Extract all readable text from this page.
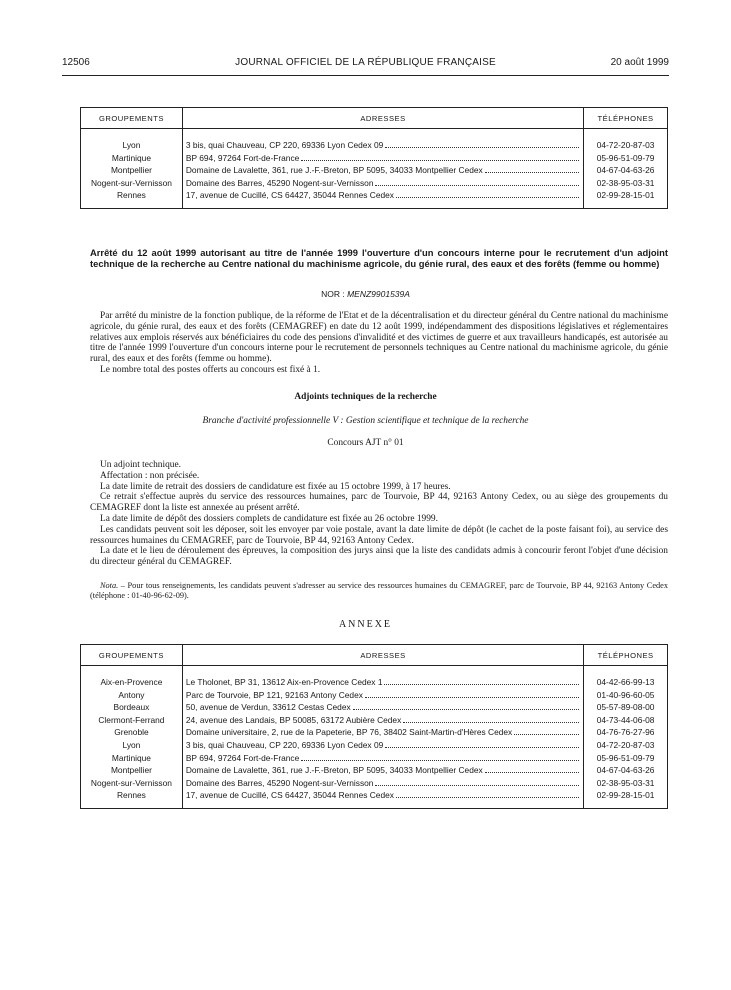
12506	JOURNAL OFFICIEL DE LA RÉPUBLIQUE FRANÇAISE	20 août 1999
GROUPEMENTS	ADRESSES	TÉLÉPHONES

Lyon	3 bis, quai Chauveau, CP 220, 69336 Lyon Cedex 09	04-72-20-87-03
Martinique	BP 694, 97264 Fort-de-France	05-96-51-09-79
Montpellier	Domaine de Lavalette, 361, rue J.-F.-Breton, BP 5095, 34033 Montpellier Cedex	04-67-04-63-26
Nogent-sur-Vernisson	Domaine des Barres, 45290 Nogent-sur-Vernisson	02-38-95-03-31
Rennes	17, avenue de Cucillé, CS 64427, 35044 Rennes Cedex	02-99-28-15-01

Arrêté du 12 août 1999 autorisant au titre de l'année 1999 l'ouverture d'un concours interne pour le recrutement d'un adjoint technique de la recherche au Centre national du machinisme agricole, du génie rural, des eaux et des forêts (femme ou homme)
NOR : MENZ9901539A

Par arrêté du ministre de la fonction publique, de la réforme de l'Etat et de la décentralisation et du directeur général du Centre national du machinisme agricole, du génie rural, des eaux et des forêts (CEMAGREF) en date du 12 août 1999, indépendamment des dispositions législatives et réglementaires relatives aux emplois réservés aux bénéficiaires du code des pensions d'invalidité et des victimes de guerre et aux travailleurs handicapés, est autorisée au titre de l'année 1999 l'ouverture d'un concours interne pour le recrutement de personnels techniques au Centre national du machinisme agricole, du génie rural, des eaux et des forêts (femme ou homme).

Le nombre total des postes offerts au concours est fixé à 1.

Adjoints techniques de la recherche
Branche d'activité professionnelle V : Gestion scientifique et technique de la recherche
Concours AJT n° 01

Un adjoint technique.

Affectation : non précisée.

La date limite de retrait des dossiers de candidature est fixée au 15 octobre 1999, à 17 heures.

Ce retrait s'effectue auprès du service des ressources humaines, parc de Tourvoie, BP 44, 92163 Antony Cedex, ou au siège des groupements du CEMAGREF dont la liste est annexée au présent arrêté.

La date limite de dépôt des dossiers complets de candidature est fixée au 26 octobre 1999.

Les candidats peuvent soit les déposer, soit les envoyer par voie postale, avant la date limite de dépôt (le cachet de la poste faisant foi), au service des ressources humaines du CEMAGREF, parc de Tourvoie, BP 44, 92163 Antony Cedex.

La date et le lieu de déroulement des épreuves, la composition des jurys ainsi que la liste des candidats admis à concourir feront l'objet d'une décision du directeur général du CEMAGREF.

Nota. – Pour tous renseignements, les candidats peuvent s'adresser au service des ressources humaines du CEMAGREF, parc de Tourvoie, BP 44, 92163 Antony Cedex (téléphone : 01-40-96-62-09).
ANNEXE
GROUPEMENTS	ADRESSES	TÉLÉPHONES

Aix-en-Provence	Le Tholonet, BP 31, 13612 Aix-en-Provence Cedex 1	04-42-66-99-13
Antony	Parc de Tourvoie, BP 121, 92163 Antony Cedex	01-40-96-60-05
Bordeaux	50, avenue de Verdun, 33612 Cestas Cedex	05-57-89-08-00
Clermont-Ferrand	24, avenue des Landais, BP 50085, 63172 Aubière Cedex	04-73-44-06-08
Grenoble	Domaine universitaire, 2, rue de la Papeterie, BP 76, 38402 Saint-Martin-d'Hères Cedex	04-76-76-27-96
Lyon	3 bis, quai Chauveau, CP 220, 69336 Lyon Cedex 09	04-72-20-87-03
Martinique	BP 694, 97264 Fort-de-France	05-96-51-09-79
Montpellier	Domaine de Lavalette, 361, rue J.-F.-Breton, BP 5095, 34033 Montpellier Cedex	04-67-04-63-26
Nogent-sur-Vernisson	Domaine des Barres, 45290 Nogent-sur-Vernisson	02-38-95-03-31
Rennes	17, avenue de Cucillé, CS 64427, 35044 Rennes Cedex	02-99-28-15-01
